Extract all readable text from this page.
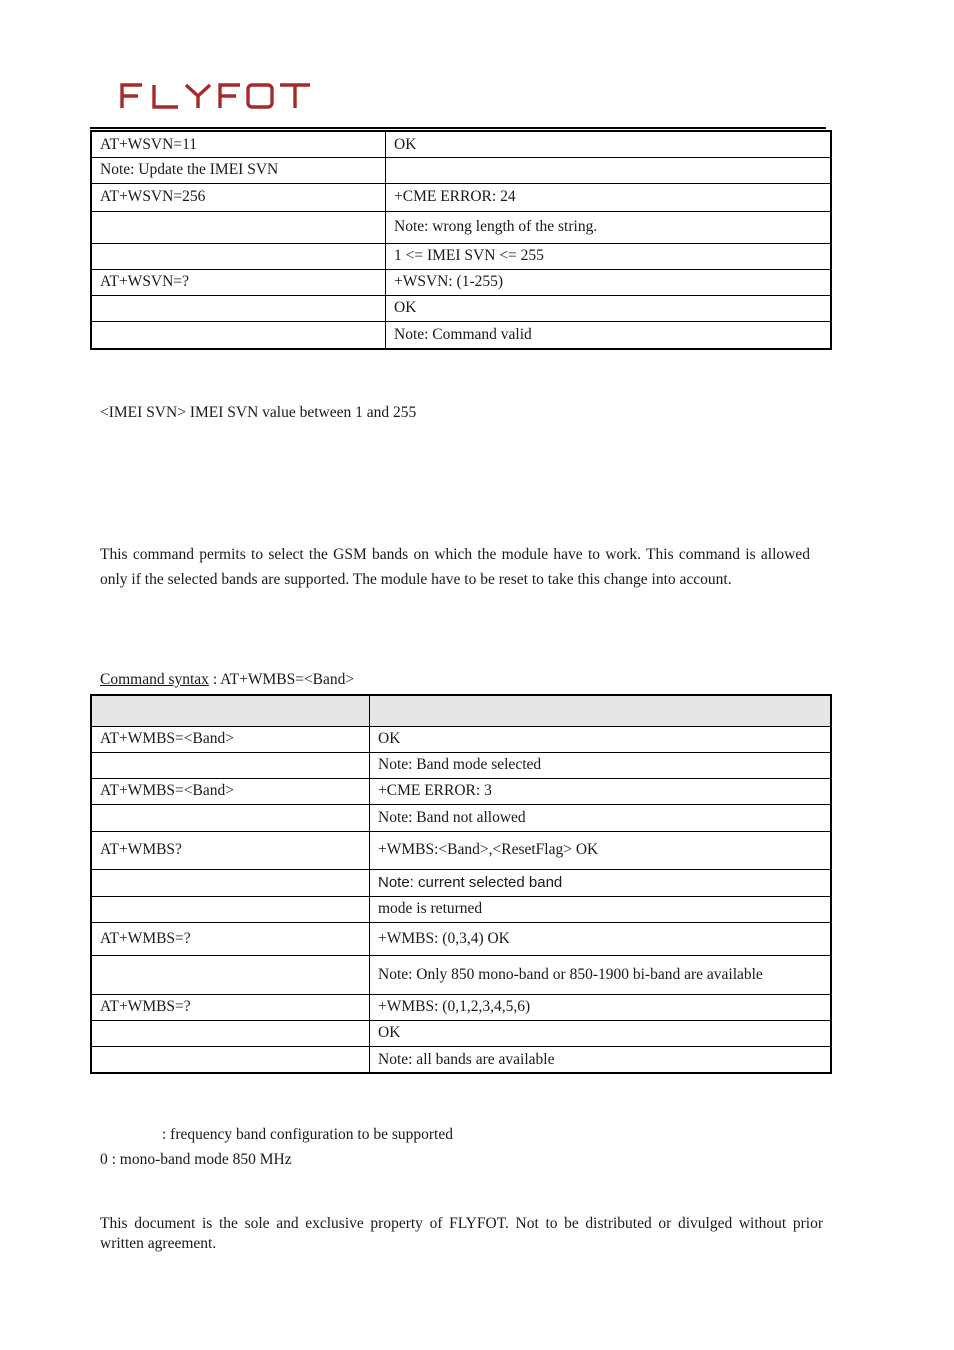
AT+WSVN=11	OK
Note: Update the IMEI SVN	
AT+WSVN=256	+CME ERROR: 24
	Note: wrong length of the string.
	1 <= IMEI SVN <= 255
AT+WSVN=?	+WSVN: (1-255)
	OK
	Note: Command valid
<IMEI SVN> IMEI SVN value between 1 and 255
This command permits to select the GSM bands on which the module have to work. This command is allowed only if the selected bands are supported. The module have to be reset to take this change into account.
Command syntax : AT+WMBS=<Band>

AT+WMBS=<Band>	OK
	Note: Band mode selected
AT+WMBS=<Band>	+CME ERROR: 3
	Note: Band not allowed
AT+WMBS?	+WMBS:<Band>,<ResetFlag> OK
	Note: current selected band
	mode is returned
AT+WMBS=?	+WMBS: (0,3,4) OK
	Note: Only 850 mono-band or 850-1900 bi-band are available
AT+WMBS=?	+WMBS: (0,1,2,3,4,5,6)
	OK
	Note: all bands are available
: frequency band configuration to be supported
0 : mono-band mode 850 MHz
This document is the sole and exclusive property of FLYFOT. Not to be distributed or divulged without prior written agreement.
